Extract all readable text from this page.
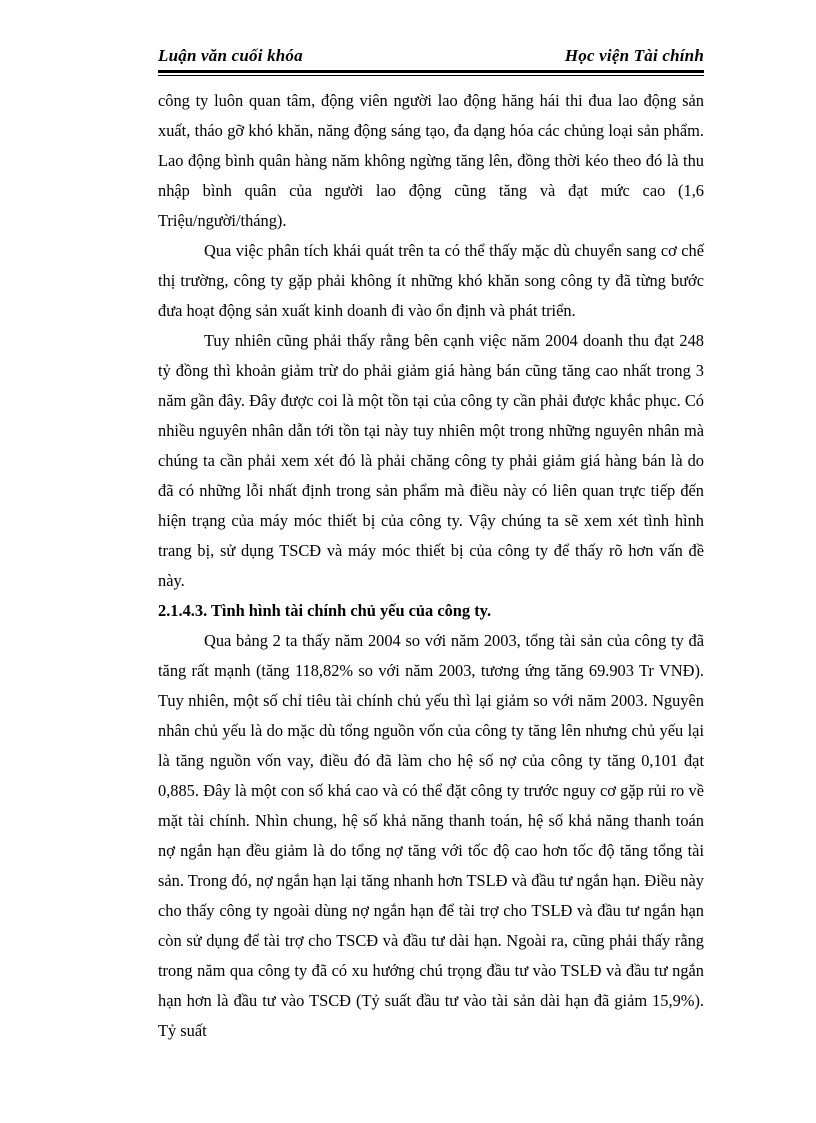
Luận văn cuối khóa	Học viện Tài chính

công ty luôn quan tâm, động viên người lao động hăng hái thi đua lao động sản xuất, tháo gỡ khó khăn, năng động sáng tạo, đa dạng hóa các chủng loại sản phẩm. Lao động bình quân hàng năm không ngừng tăng lên, đồng thời kéo theo đó là thu nhập bình quân của người lao động cũng tăng và đạt mức cao (1,6 Triệu/người/tháng).

Qua việc phân tích khái quát trên ta có thể thấy mặc dù chuyển sang cơ chế thị trường, công ty gặp phải không ít những khó khăn song công ty đã từng bước đưa hoạt động sản xuất kinh doanh đi vào ổn định và phát triển.

Tuy nhiên cũng phải thấy rằng bên cạnh việc năm 2004 doanh thu đạt 248 tỷ đồng thì khoản giảm trừ do phải giảm giá hàng bán cũng tăng cao nhất trong 3 năm gần đây. Đây được coi là một tồn tại của công ty cần phải được khắc phục. Có nhiều nguyên nhân dẫn tới tồn tại này tuy nhiên một trong những nguyên nhân mà chúng ta cần phải xem xét đó là phải chăng công ty phải giảm giá hàng bán là do đã có những lỗi nhất định trong sản phẩm mà điều này có liên quan trực tiếp đến hiện trạng của máy móc thiết bị của công ty. Vậy chúng ta sẽ xem xét tình hình trang bị, sử dụng TSCĐ và máy móc thiết bị của công ty để thấy rõ hơn vấn đề này.

2.1.4.3. Tình hình tài chính chủ yếu của công ty.

Qua bảng 2 ta thấy năm 2004 so với năm 2003, tổng tài sản của công ty đã tăng rất mạnh (tăng 118,82% so với năm 2003, tương ứng tăng 69.903 Tr VNĐ). Tuy nhiên, một số chỉ tiêu tài chính chủ yếu thì lại giảm so với năm 2003. Nguyên nhân chủ yếu là do mặc dù tổng nguồn vốn của công ty tăng lên nhưng chủ yếu lại là tăng nguồn vốn vay, điều đó đã làm cho hệ số nợ của công ty tăng 0,101 đạt 0,885. Đây là một con số khá cao và có thể đặt công ty trước nguy cơ gặp rủi ro về mặt tài chính. Nhìn chung, hệ số khả năng thanh toán, hệ số khả năng thanh toán nợ ngắn hạn đều giảm là do tổng nợ tăng với tốc độ cao hơn tốc độ tăng tổng tài sản. Trong đó, nợ ngắn hạn lại tăng nhanh hơn TSLĐ và đầu tư ngắn hạn. Điều này cho thấy công ty ngoài dùng nợ ngắn hạn để tài trợ cho TSLĐ và đầu tư ngắn hạn còn sử dụng để tài trợ cho TSCĐ và đầu tư dài hạn. Ngoài ra, cũng phải thấy rằng trong năm qua công ty đã có xu hướng chú trọng đầu tư vào TSLĐ và đầu tư ngắn hạn hơn là đầu tư vào TSCĐ (Tỷ suất đầu tư vào tài sản dài hạn đã giảm 15,9%). Tỷ suất
